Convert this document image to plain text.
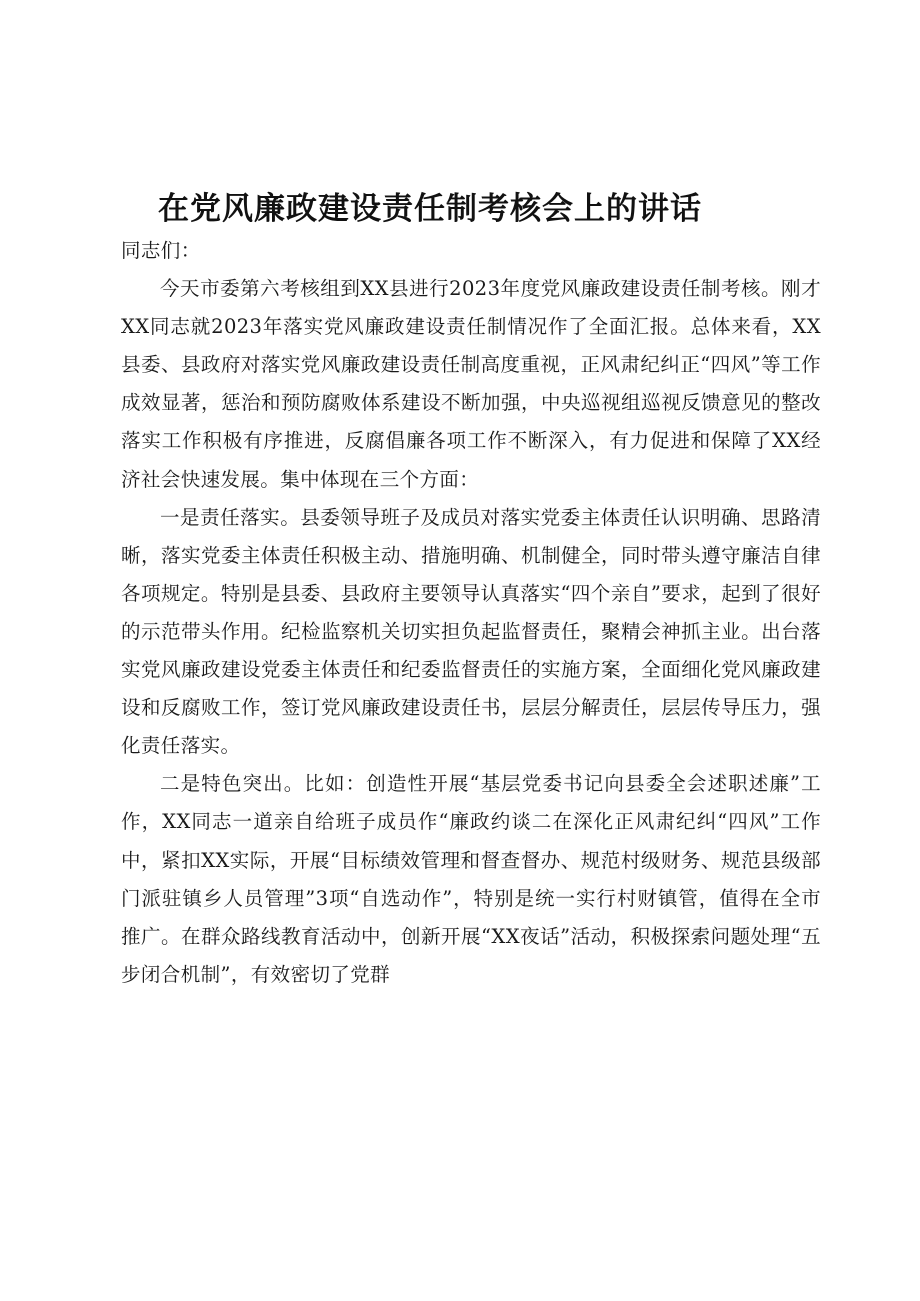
在党风廉政建设责任制考核会上的讲话

同志们：

今天市委第六考核组到XX县进行2023年度党风廉政建设责任制考核。刚才XX同志就2023年落实党风廉政建设责任制情况作了全面汇报。总体来看，XX县委、县政府对落实党风廉政建设责任制高度重视，正风肃纪纠正“四风”等工作成效显著，惩治和预防腐败体系建设不断加强，中央巡视组巡视反馈意见的整改落实工作积极有序推进，反腐倡廉各项工作不断深入，有力促进和保障了XX经济社会快速发展。集中体现在三个方面：

一是责任落实。县委领导班子及成员对落实党委主体责任认识明确、思路清晰，落实党委主体责任积极主动、措施明确、机制健全，同时带头遵守廉洁自律各项规定。特别是县委、县政府主要领导认真落实“四个亲自”要求，起到了很好的示范带头作用。纪检监察机关切实担负起监督责任，聚精会神抓主业。出台落实党风廉政建设党委主体责任和纪委监督责任的实施方案，全面细化党风廉政建设和反腐败工作，签订党风廉政建设责任书，层层分解责任，层层传导压力，强化责任落实。

二是特色突出。比如：创造性开展“基层党委书记向县委全会述职述廉”工作，XX同志一道亲自给班子成员作“廉政约谈二在深化正风肃纪纠“四风”工作中，紧扣XX实际，开展“目标绩效管理和督查督办、规范村级财务、规范县级部门派驻镇乡人员管理”3项“自选动作”，特别是统一实行村财镇管，值得在全市推广。在群众路线教育活动中，创新开展“XX夜话”活动，积极探索问题处理“五步闭合机制”，有效密切了党群
